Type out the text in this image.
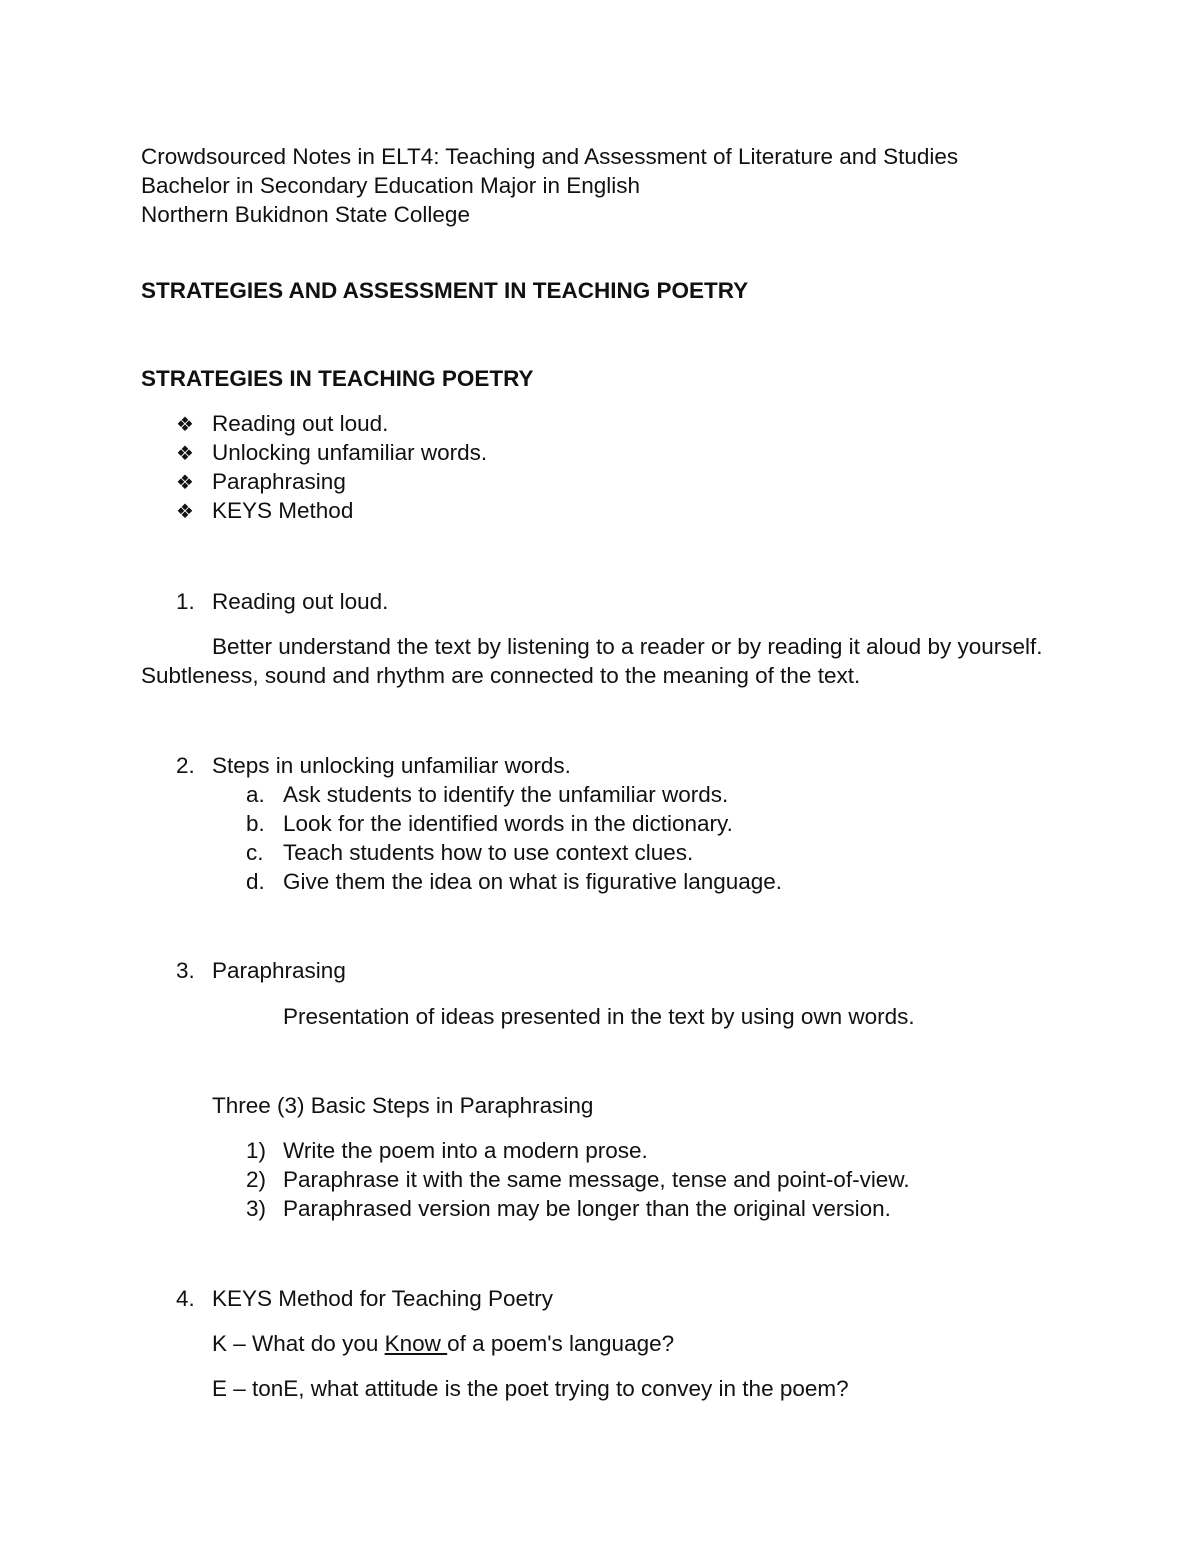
Crowdsourced Notes in ELT4: Teaching and Assessment of Literature and Studies
Bachelor in Secondary Education Major in English
Northern Bukidnon State College
STRATEGIES AND ASSESSMENT IN TEACHING POETRY
STRATEGIES IN TEACHING POETRY
❖ Reading out loud.
❖ Unlocking unfamiliar words.
❖ Paraphrasing
❖ KEYS Method
1. Reading out loud.
Better understand the text by listening to a reader or by reading it aloud by yourself.
Subtleness, sound and rhythm are connected to the meaning of the text.
2. Steps in unlocking unfamiliar words.
a. Ask students to identify the unfamiliar words.
b. Look for the identified words in the dictionary.
c. Teach students how to use context clues.
d. Give them the idea on what is figurative language.
3. Paraphrasing
Presentation of ideas presented in the text by using own words.
Three (3) Basic Steps in Paraphrasing
1) Write the poem into a modern prose.
2) Paraphrase it with the same message, tense and point-of-view.
3) Paraphrased version may be longer than the original version.
4. KEYS Method for Teaching Poetry
K – What do you Know of a poem's language?
E – tonE, what attitude is the poet trying to convey in the poem?
